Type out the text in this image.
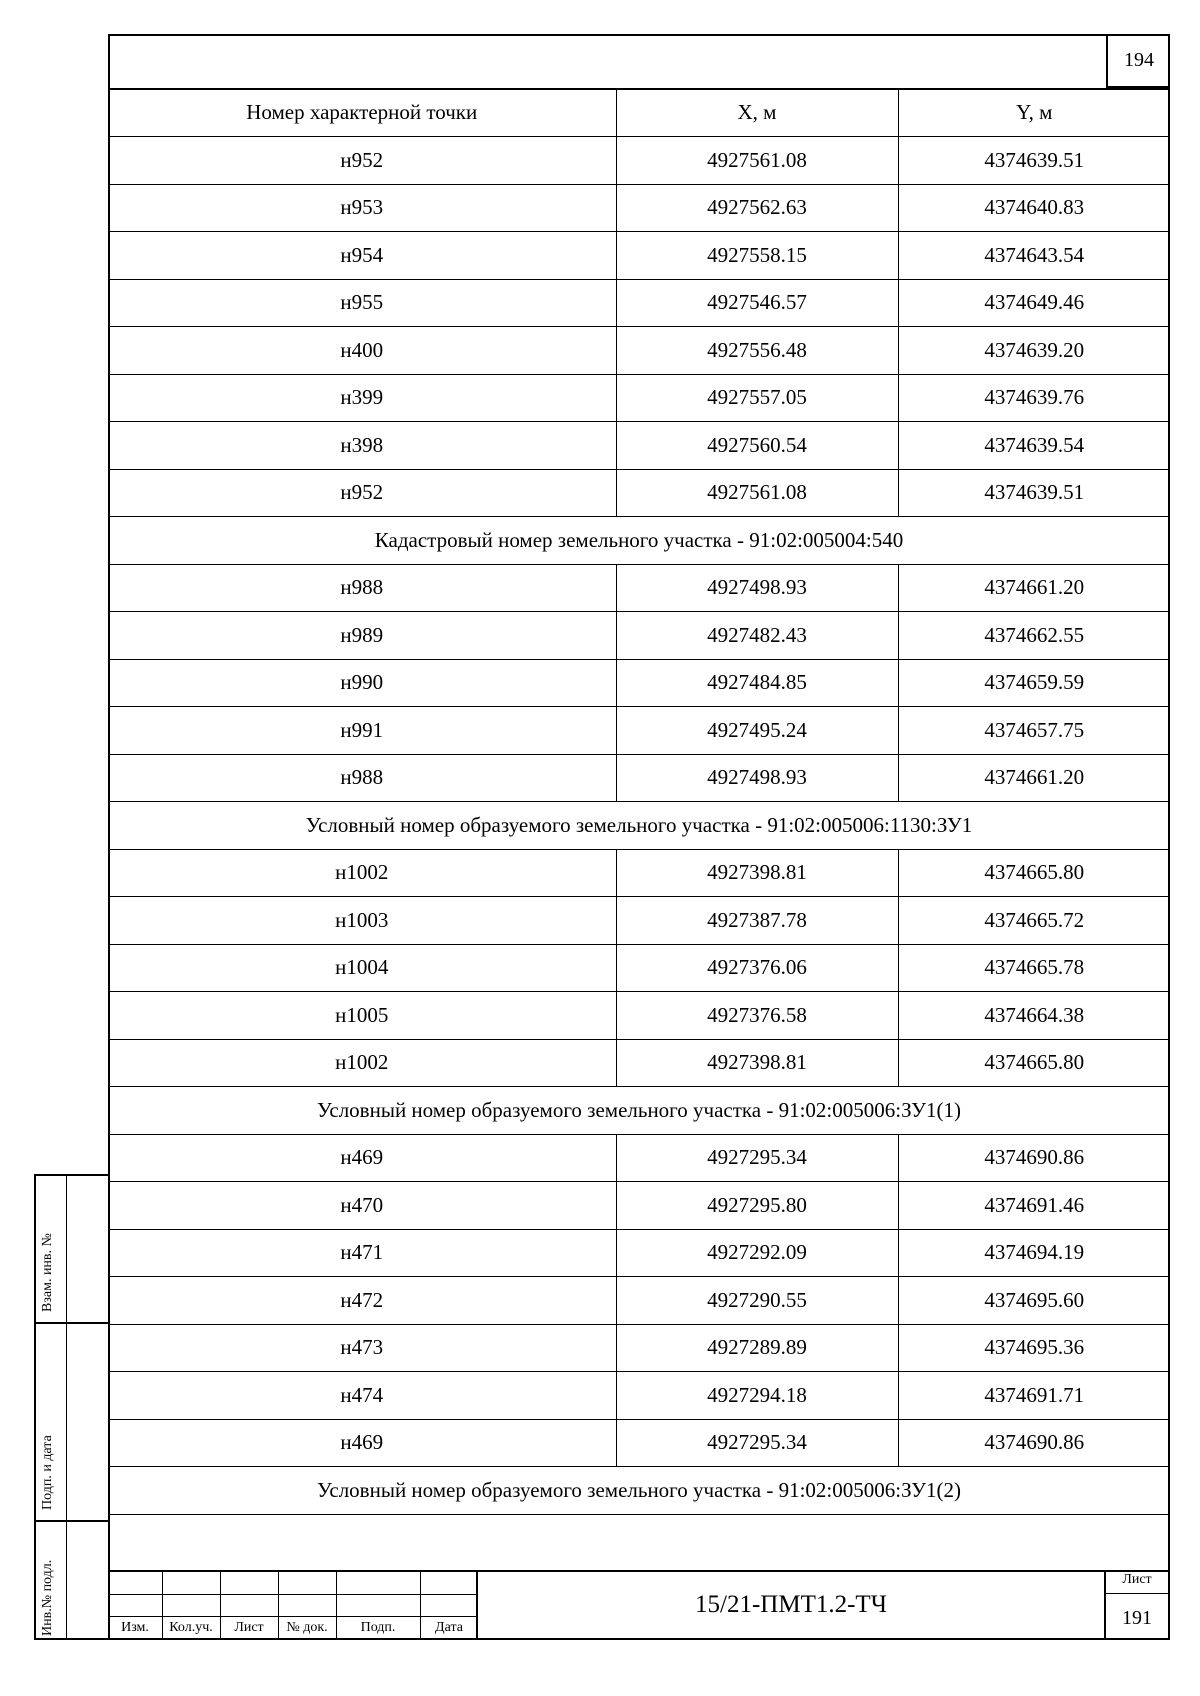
194
Номер характерной точки	X, м	Y, м
н952	4927561.08	4374639.51
н953	4927562.63	4374640.83
н954	4927558.15	4374643.54
н955	4927546.57	4374649.46
н400	4927556.48	4374639.20
н399	4927557.05	4374639.76
н398	4927560.54	4374639.54
н952	4927561.08	4374639.51
Кадастровый номер земельного участка - 91:02:005004:540		
н988	4927498.93	4374661.20
н989	4927482.43	4374662.55
н990	4927484.85	4374659.59
н991	4927495.24	4374657.75
н988	4927498.93	4374661.20
Условный номер образуемого земельного участка - 91:02:005006:1130:ЗУ1		
н1002	4927398.81	4374665.80
н1003	4927387.78	4374665.72
н1004	4927376.06	4374665.78
н1005	4927376.58	4374664.38
н1002	4927398.81	4374665.80
Условный номер образуемого земельного участка - 91:02:005006:ЗУ1(1)		
н469	4927295.34	4374690.86
н470	4927295.80	4374691.46
н471	4927292.09	4374694.19
н472	4927290.55	4374695.60
н473	4927289.89	4374695.36
н474	4927294.18	4374691.71
н469	4927295.34	4374690.86
Условный номер образуемого земельного участка - 91:02:005006:ЗУ1(2)		

Взам. инв. №
Подп. и дата
Инв.№ подл.	Изм.	Кол.уч.	Лист	№ док.	Подп.	Дата
15/21-ПМТ1.2-ТЧ
Лист
191
